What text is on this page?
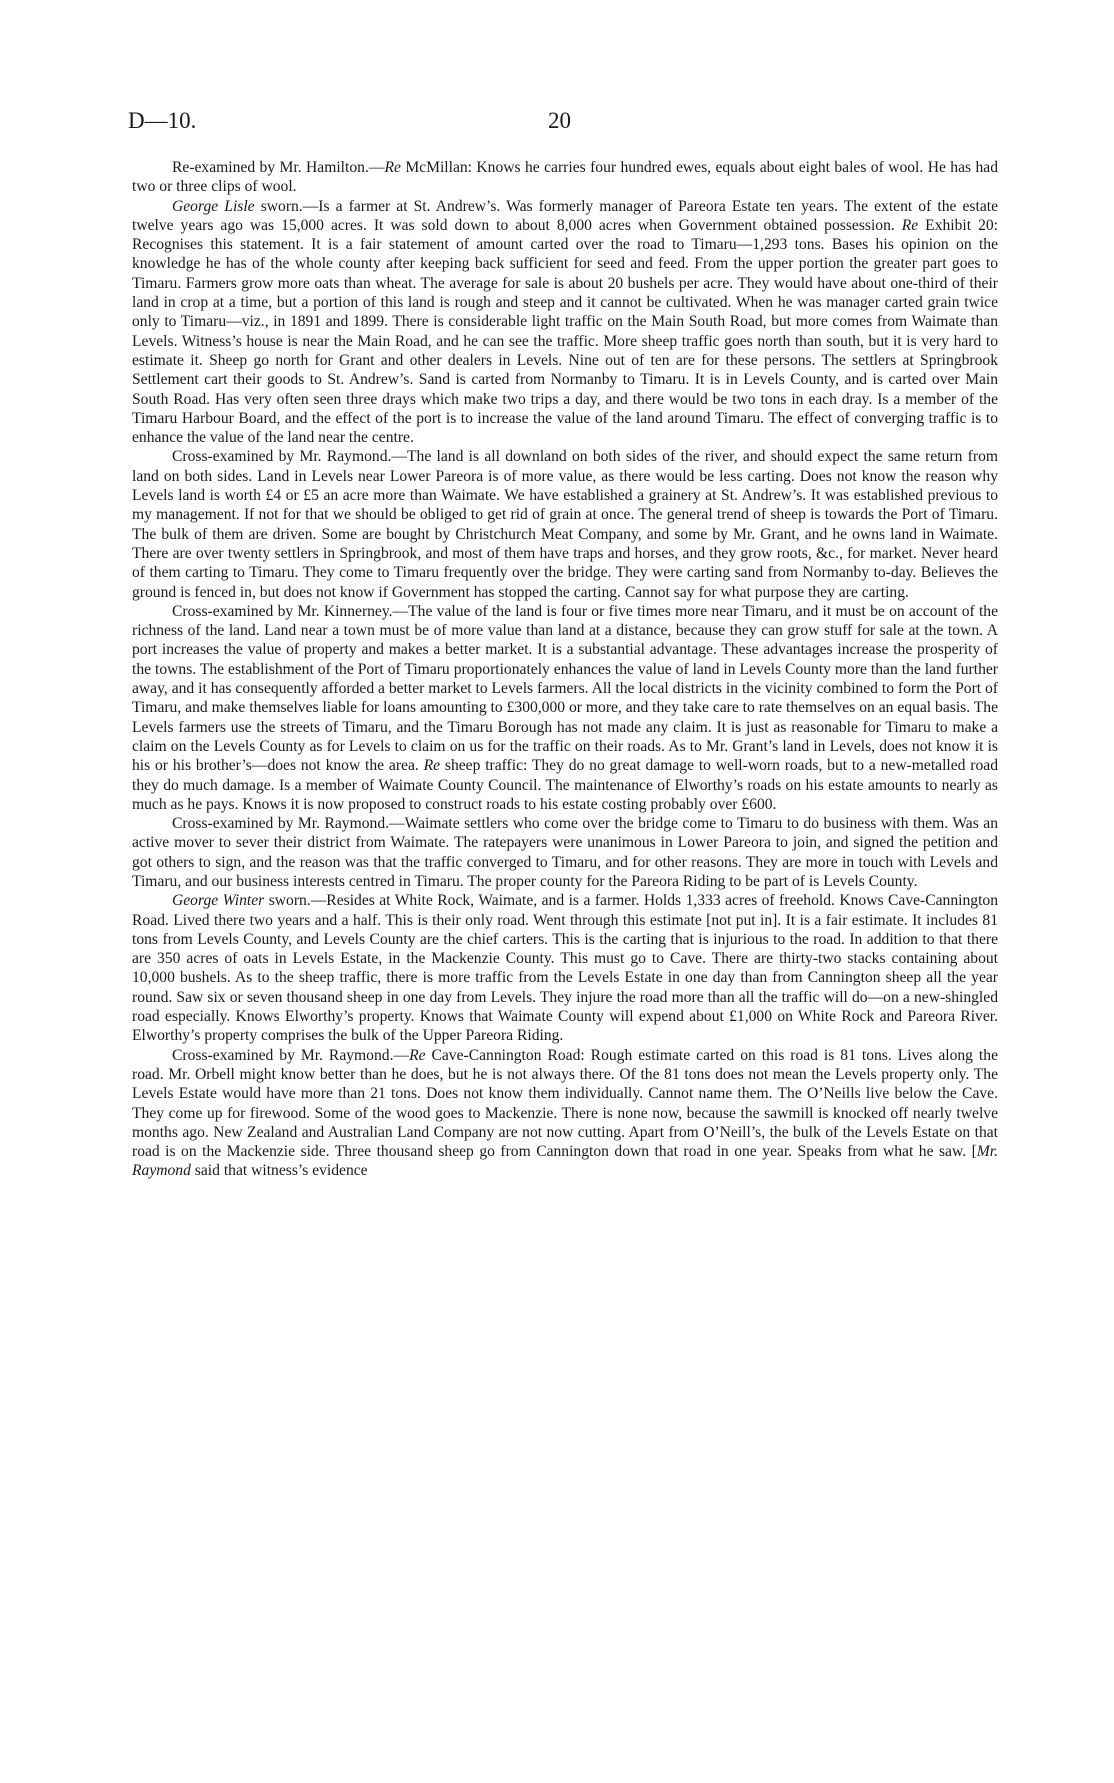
D—10.	20

Re-examined by Mr. Hamilton.—Re McMillan: Knows he carries four hundred ewes, equals about eight bales of wool. He has had two or three clips of wool.

George Lisle sworn.—Is a farmer at St. Andrew’s. Was formerly manager of Pareora Estate ten years. The extent of the estate twelve years ago was 15,000 acres. It was sold down to about 8,000 acres when Government obtained possession. Re Exhibit 20: Recognises this statement. It is a fair statement of amount carted over the road to Timaru—1,293 tons. Bases his opinion on the knowledge he has of the whole county after keeping back sufficient for seed and feed. From the upper portion the greater part goes to Timaru. Farmers grow more oats than wheat. The average for sale is about 20 bushels per acre. They would have about one-third of their land in crop at a time, but a portion of this land is rough and steep and it cannot be cultivated. When he was manager carted grain twice only to Timaru—viz., in 1891 and 1899. There is considerable light traffic on the Main South Road, but more comes from Waimate than Levels. Witness’s house is near the Main Road, and he can see the traffic. More sheep traffic goes north than south, but it is very hard to estimate it. Sheep go north for Grant and other dealers in Levels. Nine out of ten are for these persons. The settlers at Springbrook Settlement cart their goods to St. Andrew’s. Sand is carted from Normanby to Timaru. It is in Levels County, and is carted over Main South Road. Has very often seen three drays which make two trips a day, and there would be two tons in each dray. Is a member of the Timaru Harbour Board, and the effect of the port is to increase the value of the land around Timaru. The effect of converging traffic is to enhance the value of the land near the centre.

Cross-examined by Mr. Raymond.—The land is all downland on both sides of the river, and should expect the same return from land on both sides. Land in Levels near Lower Pareora is of more value, as there would be less carting. Does not know the reason why Levels land is worth £4 or £5 an acre more than Waimate. We have established a grainery at St. Andrew’s. It was established previous to my management. If not for that we should be obliged to get rid of grain at once. The general trend of sheep is towards the Port of Timaru. The bulk of them are driven. Some are bought by Christchurch Meat Company, and some by Mr. Grant, and he owns land in Waimate. There are over twenty settlers in Springbrook, and most of them have traps and horses, and they grow roots, &c., for market. Never heard of them carting to Timaru. They come to Timaru frequently over the bridge. They were carting sand from Normanby to-day. Believes the ground is fenced in, but does not know if Government has stopped the carting. Cannot say for what purpose they are carting.

Cross-examined by Mr. Kinnerney.—The value of the land is four or five times more near Timaru, and it must be on account of the richness of the land. Land near a town must be of more value than land at a distance, because they can grow stuff for sale at the town. A port increases the value of property and makes a better market. It is a substantial advantage. These advantages increase the prosperity of the towns. The establishment of the Port of Timaru proportionately enhances the value of land in Levels County more than the land further away, and it has consequently afforded a better market to Levels farmers. All the local districts in the vicinity combined to form the Port of Timaru, and make themselves liable for loans amounting to £300,000 or more, and they take care to rate themselves on an equal basis. The Levels farmers use the streets of Timaru, and the Timaru Borough has not made any claim. It is just as reasonable for Timaru to make a claim on the Levels County as for Levels to claim on us for the traffic on their roads. As to Mr. Grant’s land in Levels, does not know it is his or his brother’s—does not know the area. Re sheep traffic: They do no great damage to well-worn roads, but to a new-metalled road they do much damage. Is a member of Waimate County Council. The maintenance of Elworthy’s roads on his estate amounts to nearly as much as he pays. Knows it is now proposed to construct roads to his estate costing probably over £600.

Cross-examined by Mr. Raymond.—Waimate settlers who come over the bridge come to Timaru to do business with them. Was an active mover to sever their district from Waimate. The ratepayers were unanimous in Lower Pareora to join, and signed the petition and got others to sign, and the reason was that the traffic converged to Timaru, and for other reasons. They are more in touch with Levels and Timaru, and our business interests centred in Timaru. The proper county for the Pareora Riding to be part of is Levels County.

George Winter sworn.—Resides at White Rock, Waimate, and is a farmer. Holds 1,333 acres of freehold. Knows Cave-Cannington Road. Lived there two years and a half. This is their only road. Went through this estimate [not put in]. It is a fair estimate. It includes 81 tons from Levels County, and Levels County are the chief carters. This is the carting that is injurious to the road. In addition to that there are 350 acres of oats in Levels Estate, in the Mackenzie County. This must go to Cave. There are thirty-two stacks containing about 10,000 bushels. As to the sheep traffic, there is more traffic from the Levels Estate in one day than from Cannington sheep all the year round. Saw six or seven thousand sheep in one day from Levels. They injure the road more than all the traffic will do—on a new-shingled road especially. Knows Elworthy’s property. Knows that Waimate County will expend about £1,000 on White Rock and Pareora River. Elworthy’s property comprises the bulk of the Upper Pareora Riding.

Cross-examined by Mr. Raymond.—Re Cave-Cannington Road: Rough estimate carted on this road is 81 tons. Lives along the road. Mr. Orbell might know better than he does, but he is not always there. Of the 81 tons does not mean the Levels property only. The Levels Estate would have more than 21 tons. Does not know them individually. Cannot name them. The O’Neills live below the Cave. They come up for firewood. Some of the wood goes to Mackenzie. There is none now, because the sawmill is knocked off nearly twelve months ago. New Zealand and Australian Land Company are not now cutting. Apart from O’Neill’s, the bulk of the Levels Estate on that road is on the Mackenzie side. Three thousand sheep go from Cannington down that road in one year. Speaks from what he saw. [Mr. Raymond said that witness’s evidence
